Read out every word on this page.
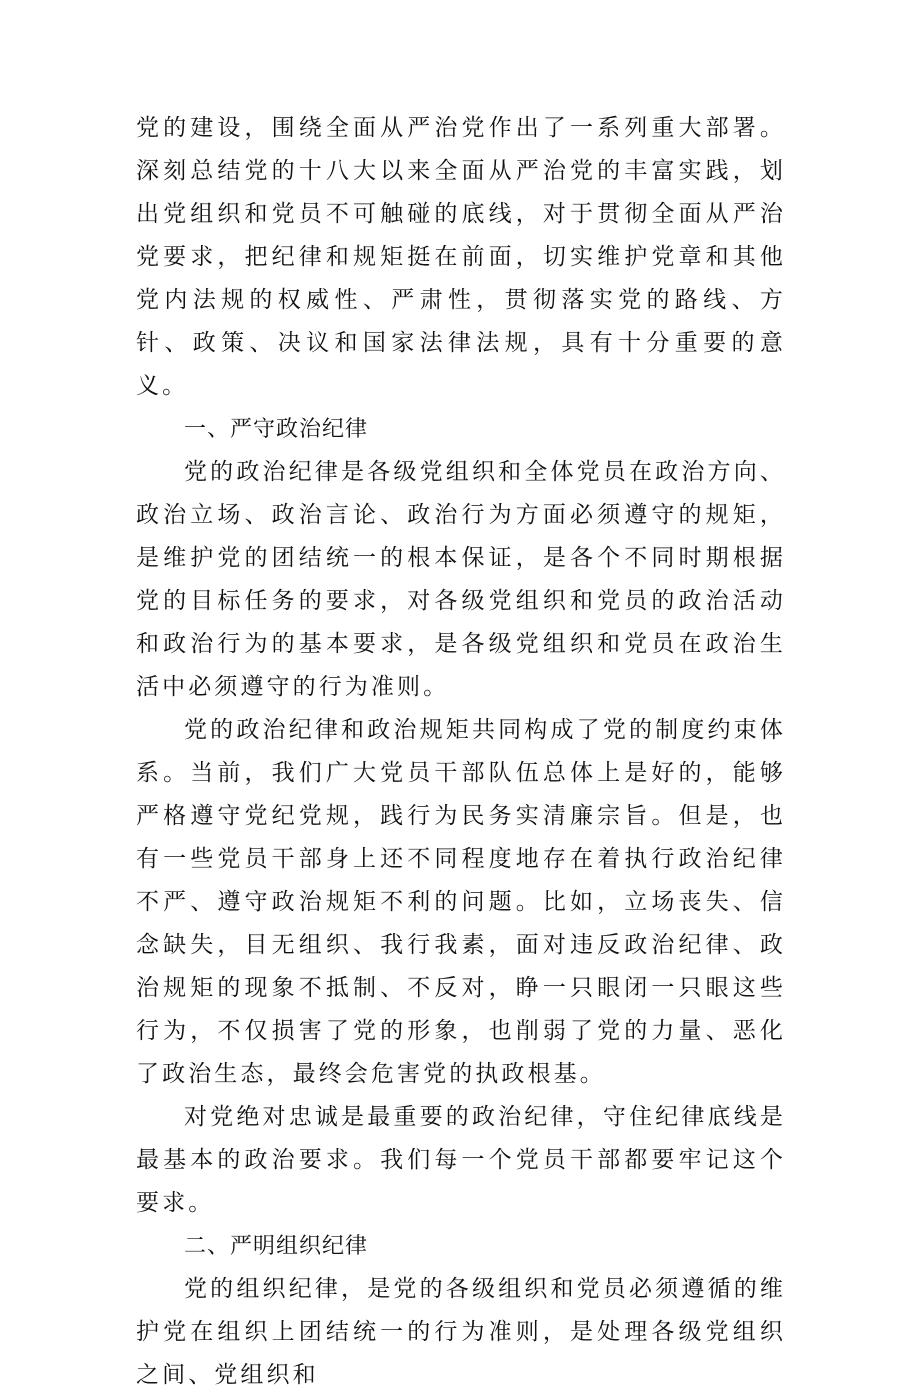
党的建设，围绕全面从严治党作出了一系列重大部署。深刻总结党的十八大以来全面从严治党的丰富实践，划出党组织和党员不可触碰的底线，对于贯彻全面从严治党要求，把纪律和规矩挺在前面，切实维护党章和其他党内法规的权威性、严肃性，贯彻落实党的路线、方针、政策、决议和国家法律法规，具有十分重要的意义。

一、严守政治纪律

党的政治纪律是各级党组织和全体党员在政治方向、政治立场、政治言论、政治行为方面必须遵守的规矩，是维护党的团结统一的根本保证，是各个不同时期根据党的目标任务的要求，对各级党组织和党员的政治活动和政治行为的基本要求，是各级党组织和党员在政治生活中必须遵守的行为准则。

党的政治纪律和政治规矩共同构成了党的制度约束体系。当前，我们广大党员干部队伍总体上是好的，能够严格遵守党纪党规，践行为民务实清廉宗旨。但是，也有一些党员干部身上还不同程度地存在着执行政治纪律不严、遵守政治规矩不利的问题。比如，立场丧失、信念缺失，目无组织、我行我素，面对违反政治纪律、政治规矩的现象不抵制、不反对，睁一只眼闭一只眼这些行为，不仅损害了党的形象，也削弱了党的力量、恶化了政治生态，最终会危害党的执政根基。

对党绝对忠诚是最重要的政治纪律，守住纪律底线是最基本的政治要求。我们每一个党员干部都要牢记这个要求。

二、严明组织纪律

党的组织纪律，是党的各级组织和党员必须遵循的维护党在组织上团结统一的行为准则，是处理各级党组织之间、党组织和
